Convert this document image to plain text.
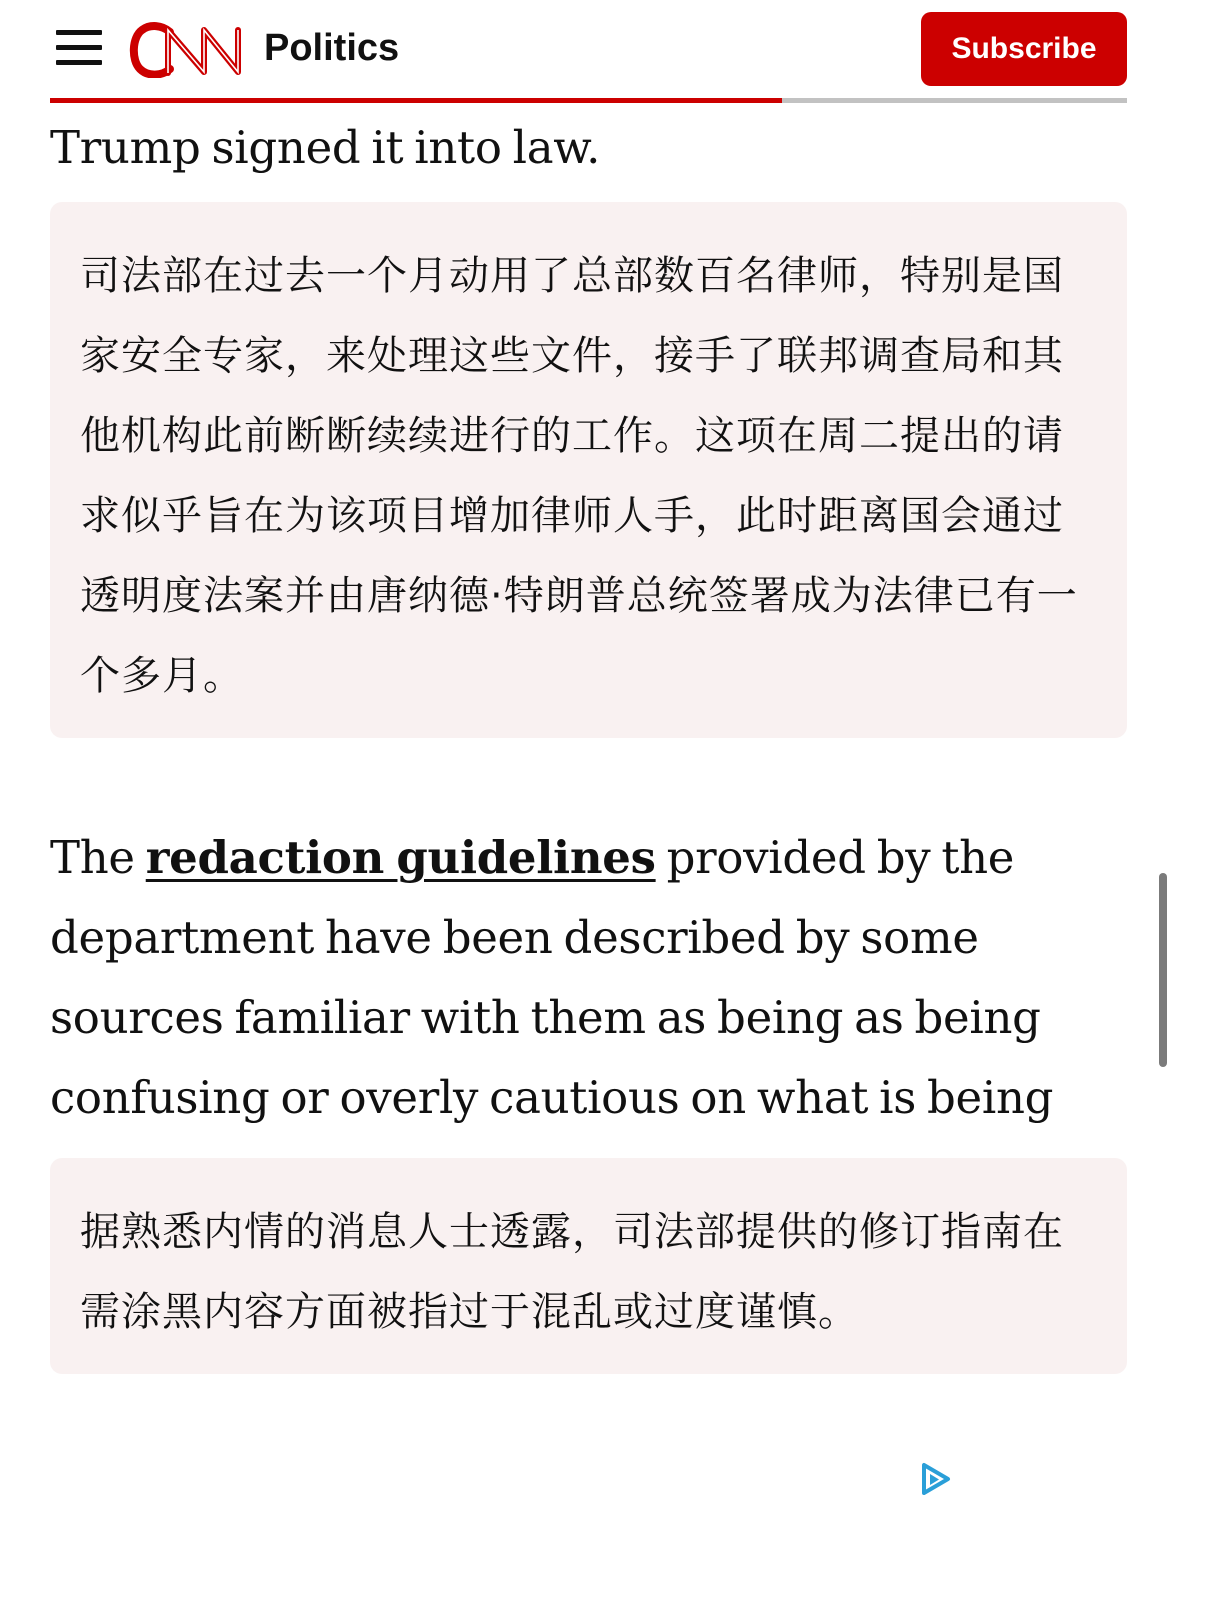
Politics	Subscribe

Trump signed it into law.

司法部在过去一个月动用了总部数百名律师，特别是国家安全专家，来处理这些文件，接手了联邦调查局和其他机构此前断断续续进行的工作。这项在周二提出的请求似乎旨在为该项目增加律师人手，此时距离国会通过透明度法案并由唐纳德·特朗普总统签署成为法律已有一个多月。

The redaction guidelines provided by the department have been described by some sources familiar with them as being as being confusing or overly cautious on what is being

据熟悉内情的消息人士透露，司法部提供的修订指南在需涂黑内容方面被指过于混乱或过度谨慎。
